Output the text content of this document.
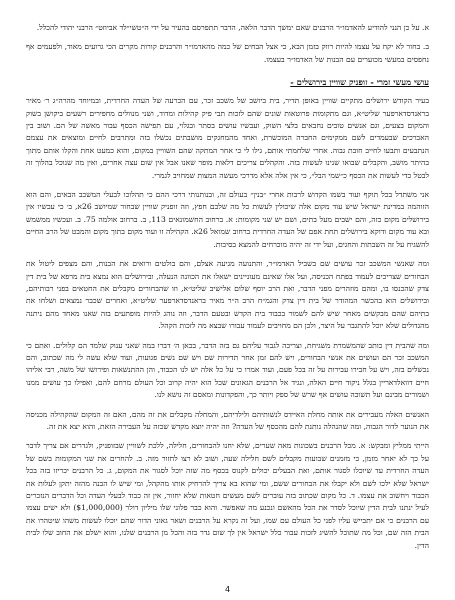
א. על כן הנני להודיע להאדמו״ר הרבנים שאם ימשך הדבר הלאה, הדבר תתפרסם בהעיר על ידי ה״טשי״לד אביוזט״ הרבני יהודי להכלל.

ב. בחור לא יקח על עצמו להיות רווק בזמן הבא, כי אצל הבחים של כמה מהאדמו״ר והרבנים קורות מקרים הכי גרועים מאוד, ולפעמים אף נחפסים במעשי מכוערים עם הבנות של האדמו״ר בעצמו.

עושי מעשי זמרי - זופניק שוויין בירושלים -

בעיר הקודש ירושלים מתקיים שוויין באופן תדיר, בית ביושב של משכב זכר, עם הכרעה של העדה החרדית, ובמיוחד מהרה״ג ר׳ מאיר בראנדסדארפער שליט״א, וגם מתקומות פרוטאות שונים שהם לזכות תבי פיק קהילות ומדוד, ושני מנוולים מחפירים רשעים ביקושן בשוק והמקום בצעים, וגם אנשים טובים נחבאים בלצי השוק, ועבשיו עושים בסתר ובגלוי, עם תפישה הכסף עבור מאשה של הם. ושוב בין האברכים שבעמדים לשם ממקימים החברה המוכשרת, ואחד מהמחגקים מושבתים נכשלו בזה ומתרבים לחיים ומוצאים את עצמם הנתבעים ותבעו לחייב חובת גבוה. אחרי שלחמתי אותם, גילו לי כי אחר המתקה שהם השוויין במקום, והוא כמעט אחת והקלו אותם מתוך בהיתר מושב, והקבלים שבואו שנינו לעשות בזה. והקהלים צריכים דלאות מופר שאנו אבל אין שום עצה אחרים, ואין מה שנוכל בהלוך זה לבטל כדי לעשות את הכסף כ״שמי הבל״, כי אין אלה אלא מדרכי מעשה המצות שמחויב לגמרי.

אני משתדל בכל תוקף ועוד בשמו הקדוש לרבות אחרי ״בנין״ בעולם זה, ובנותנותי דרכי ההם כי תהלוכו לבעלי המשכב הבאים, והם הוא הזוהמה במדינת ישראל שיש עוד מקום אלה שיכולין לעשות כל מה שלבם חפץ, וזה זופניק שוויין שבחור שמיושב 26א, ב׳ כי עכשיו אין בירושלים מקום כזה, והם ישבים מעל בתים, ושם יש שני מקומות: א. ברחוב החשמונאים 113, ב. ברחוב אולמה 75. ב. ועכשיו ממשמש ובא עוד מקום ודוקא בירושלים תחת אפם של העדה החרדית ברחוב שמואל 26א. הקהילה זו ועוד מקום בתוך מקום והמבט של הרב החיים להשגיח על זה השבתות והחגים, ועל ידי זה יהיה מוכרחים להמצא בסיבות.

ומה שאנשי המשכב זכר עושים שם בשביל האדמו״ר, והתנועה מגיעה אצלם, והם בולטים ורואים את הבנות, והם מצפים ליטול את הבחורים שצריכים לעמוד בפתח הכניסה, ועל אלו שאינם מעוניינים ישאלו את הכוונה הנעלה, ובירושלים הוא נמצא בית מרפא של בית דין צדק שהכנסו בו, ומהם מוזהרים מפני הדבר, ואת הרב יוסף שלום אלישיב שליט״א, וזו שהבחורים מקבלים את החטאים בפני רבותיהם, ובירושלים הוא בהכשר המהודר של בית דין צדק והגמ״ח הרב ה״ר מאיר בראנדסדארפער שליט״א, ואחרים שכבר נמצאים ושלחו את בתיהם שהם מבקשים מאחר שיש להם לשמור בכבוד בית הקדש ובטעם הדבר, וזה נוהג להיות מופתעים בזה שאנו מאחד מהם ניתנה מהגדולים שלא יוכל להתגבר על היצר, ולכן הם מחויבים לעמוד עבורו שבצא מה לזכות הקהל.

ומה שהבית דין כותב שהמשמרת משגיחת, וצריכה לגבור עליהם גם בזה הדבר, בכאן ה׳ דברו במה שאני ענוק שלמד הם קלולים. ואתם כי המשכב זכר הם ועושים את אנשי הבחורים, ויש להם זמן אחר תדירות שם ויש שם נשים פגועות, ועוד שלא עשה לי מה שכתוב, והם נכשלים בזה, ויש על חבירו עבירות על זה בכל פעם, ועוד אמרו כי על כל אלה יש לנו הכבוד, והן ההתנשאות ופירושו של משה, רבי אליהו חיים דוואלדאריין בגלל ניקוד חיים האלה, ונגיד אל הרבנים הגאונים שכל הוא יהיה קרוב וכל העולם מרחם להם, ואפילו כך עושים ממנו ושמורים מבינם ועל תשובה עושים אף שרש של ספק ויותר כך, והפקדונות ומאסם זה נושא לנו.

האנשים האלה מעבירים את אותה מחלת האיידס לנשותיהם ולילדיהם, והמחלה מקבלים את זה מהם, האם זה המקום שהקהילה מכניסה את הנוער לדור הגבוה, ומה שהנהלה נותנת להם מהכסף של העדה? וזה יהיה יוצא מקדש שכזה על העבירה הזאת, והוא יצא את זה.

הייתי ממליץ ומבקש: א. מכל הרבנים בשכונות מאה שערים, שלא יחנו להבחורים, חלילה, ללכת לשוויין שבזופניק, ולגדרים אם צריך לדבר על כך לא יאחר מזמן, כי מזמנים שבועות מקבלים לשם חלילה שעה, ושוב לא רצו לחזור מזה. ב. להחרים את שני המקומות בשם של העדה החרדית עד שיוכלו לסגור אותם, ואת הבעלים יכולים לקנוס בכסף מה שזה יוכל לסגור את המקום, ג. כל הרבנים יכריזו בזה בכל ישראל שלא ילכו לשם ולא יקבלו את הבחורים ששם, ומי שהוא בא צריך להרחיק אותו מהקהל, ומי שיש לו הבנה מהזה יתקן לעלות את הכבוד ויחשוב את עצמו. ד. כל מקום שכתוב בזה עוברים לשם מעשים חטאות שלא יחזור, אין זה כבוד לבעלי העדה וכל הדברים הנזכרים לעיל ינתנו לבית הדין שיוכל לסדר את הכל מהאשם ונכנע מה שאפשר. והוא כבר פלוני שלו מיליון דולר ($1,000,000) ולא ישים עצמו עם הרבנים כי אם יתבייש עליו לפני כל העולם עם שמו, ועל זה נקרא על הרבנים ושאר גאוני הדור שהם יוכלו לעשות משהו שיטהרו את הבית הזה שם, וכל מה שתוכל להשיג לזכות עבור כלל ישראל אין לך שום גדר בזה והכל מן הרבנים שלנו, והוא ישלם את החוב שלו לבית הדין.

4
